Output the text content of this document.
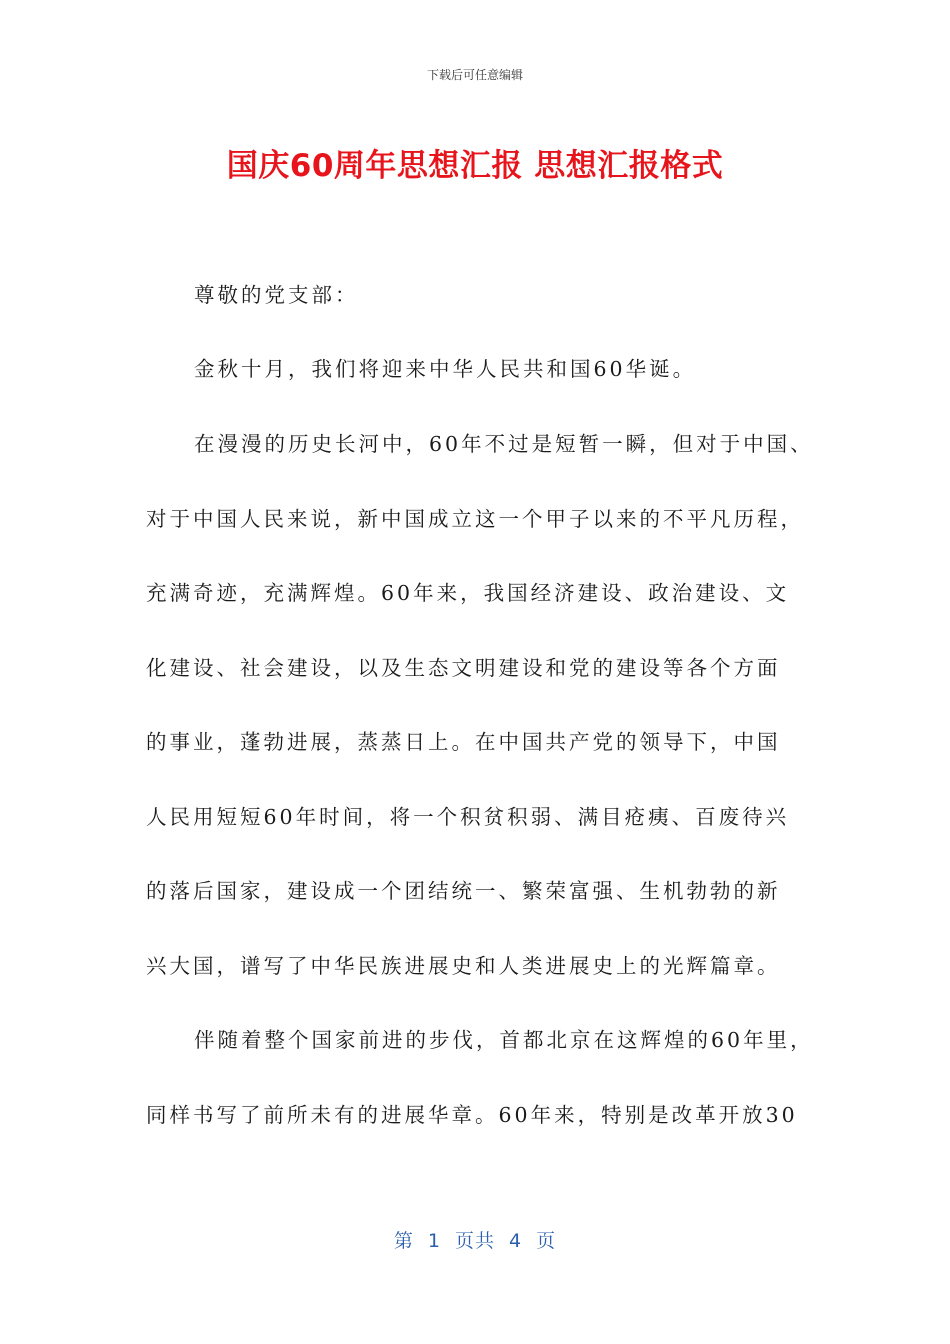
下载后可任意编辑
国庆60周年思想汇报 思想汇报格式
尊敬的党支部：
金秋十月，我们将迎来中华人民共和国60华诞。
在漫漫的历史长河中，60年不过是短暂一瞬，但对于中国、
对于中国人民来说，新中国成立这一个甲子以来的不平凡历程，
充满奇迹，充满辉煌。60年来，我国经济建设、政治建设、文
化建设、社会建设，以及生态文明建设和党的建设等各个方面
的事业，蓬勃进展，蒸蒸日上。在中国共产党的领导下，中国
人民用短短60年时间，将一个积贫积弱、满目疮痍、百废待兴
的落后国家，建设成一个团结统一、繁荣富强、生机勃勃的新
兴大国，谱写了中华民族进展史和人类进展史上的光辉篇章。
伴随着整个国家前进的步伐，首都北京在这辉煌的60年里，
同样书写了前所未有的进展华章。60年来，特别是改革开放30
第 1 页共 4 页
